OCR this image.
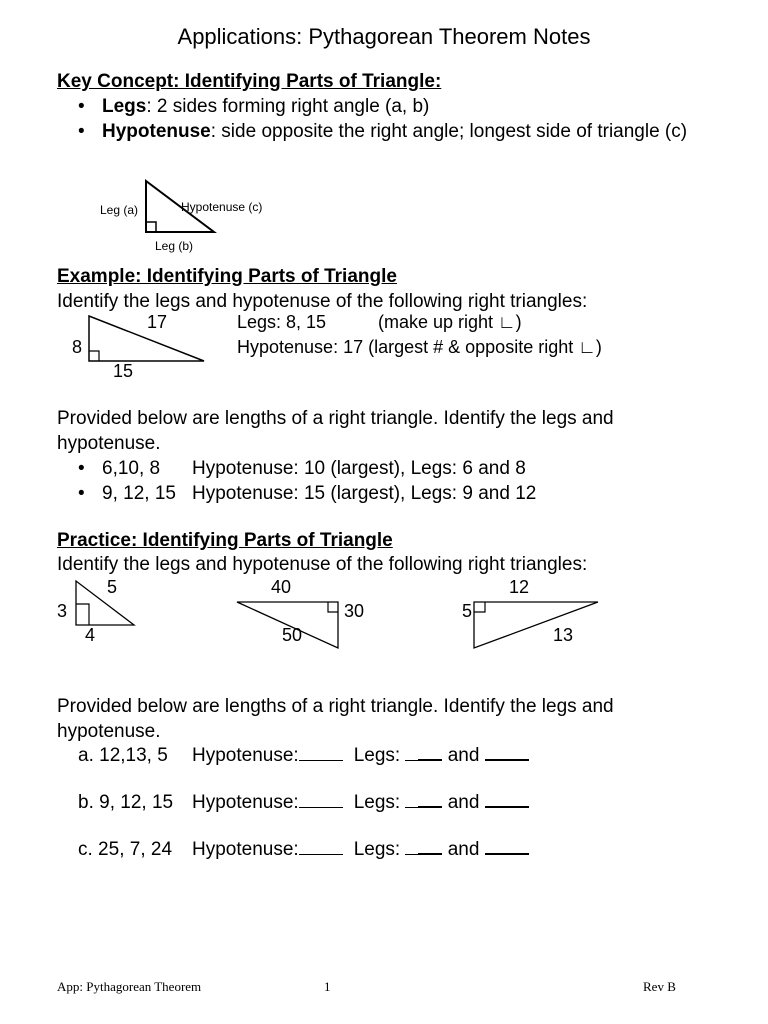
Applications: Pythagorean Theorem Notes
Key Concept: Identifying Parts of Triangle:
• Legs: 2 sides forming right angle (a, b)
• Hypotenuse: side opposite the right angle; longest side of triangle (c)
Leg (a)	Hypotenuse (c)
Leg (b)
Example: Identifying Parts of Triangle
Identify the legs and hypotenuse of the following right triangles:
17
8
15
Legs: 8, 15	(make up right ∟)
Hypotenuse: 17 (largest # & opposite right ∟)
Provided below are lengths of a right triangle. Identify the legs and
hypotenuse.
• 6,10, 8 Hypotenuse: 10 (largest), Legs: 6 and 8
• 9, 12, 15 Hypotenuse: 15 (largest), Legs: 9 and 12
Practice: Identifying Parts of Triangle
Identify the legs and hypotenuse of the following right triangles:
5
3
4
40
30
50
12
5
13
Provided below are lengths of a right triangle. Identify the legs and
hypotenuse.
a. 12,13, 5 Hypotenuse:	Legs:	and
b. 9, 12, 15 Hypotenuse:	Legs:	and
c. 25, 7, 24 Hypotenuse:	Legs:	and
App: Pythagorean Theorem	1	Rev B
